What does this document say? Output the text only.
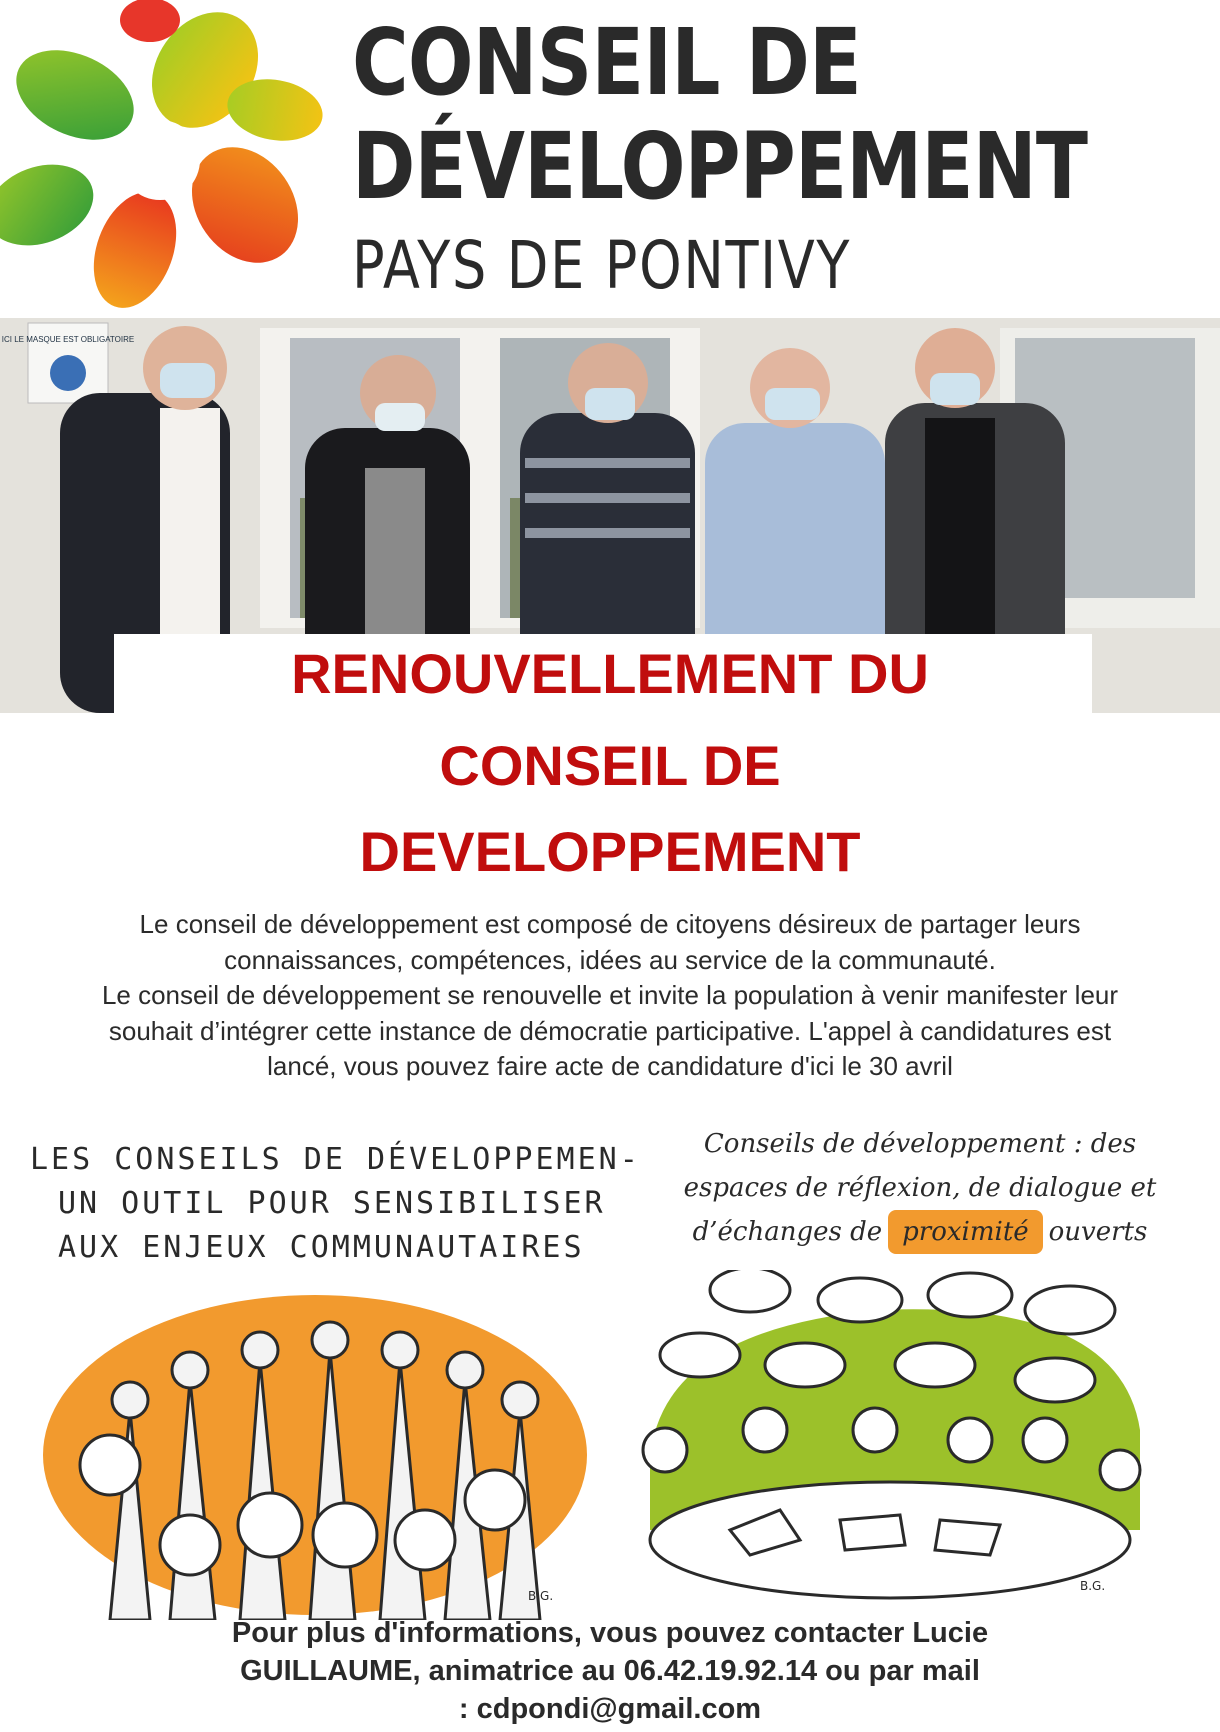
CONSEIL DE
DÉVELOPPEMENT
PAYS DE PONTIVY
ICI LE MASQUE EST OBLIGATOIRE
RENOUVELLEMENT DU
CONSEIL DE
DEVELOPPEMENT

Le conseil de développement est composé de citoyens désireux de partager leurs

connaissances, compétences, idées au service de la communauté.

Le conseil de développement se renouvelle et invite la population à venir manifester leur

souhait d’intégrer cette instance de démocratie participative. L'appel à candidatures est

lancé, vous pouvez faire acte de candidature d'ici le 30 avril

LES CONSEILS DE DÉVELOPPEMEN-
UN OUTIL POUR SENSIBILISER
AUX ENJEUX COMMUNAUTAIRES
Conseils de développement : des
espaces de réflexion, de dialogue et
d’échanges de proximité ouverts
B.G.
B.G.

Pour plus d'informations, vous pouvez contacter Lucie

GUILLAUME, animatrice au 06.42.19.92.14 ou par mail

: cdpondi@gmail.com
